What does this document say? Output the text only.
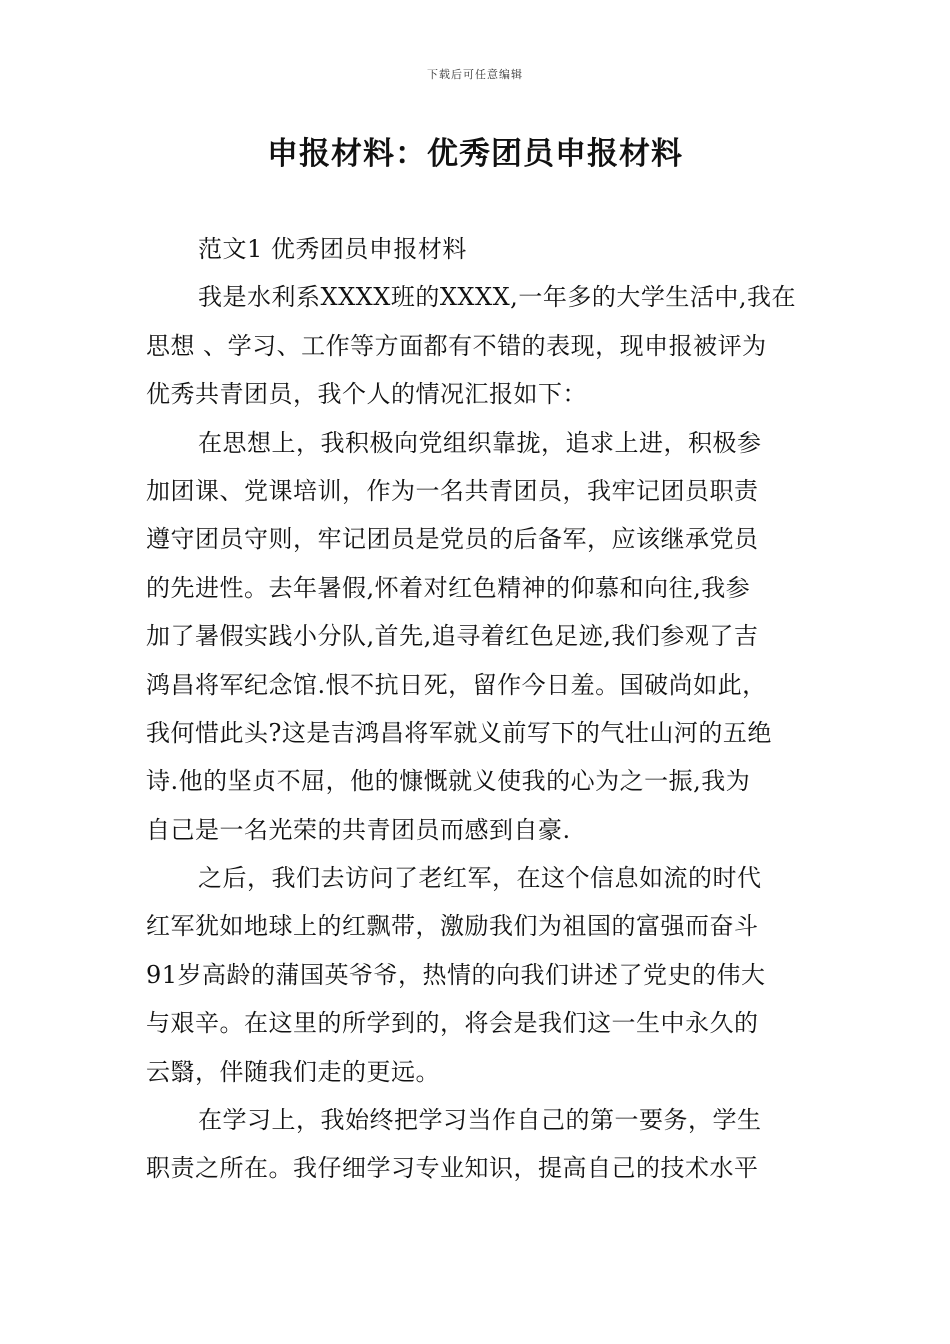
下载后可任意编辑
申报材料：优秀团员申报材料
范文1 优秀团员申报材料
我是水利系XXXX班的XXXX,一年多的大学生活中,我在
思想 、学习、工作等方面都有不错的表现，现申报被评为
优秀共青团员，我个人的情况汇报如下：
在思想上，我积极向党组织靠拢，追求上进，积极参
加团课、党课培训，作为一名共青团员，我牢记团员职责
遵守团员守则，牢记团员是党员的后备军，应该继承党员
的先进性。去年暑假,怀着对红色精神的仰慕和向往,我参
加了暑假实践小分队,首先,追寻着红色足迹,我们参观了吉
鸿昌将军纪念馆.恨不抗日死，留作今日羞。国破尚如此，
我何惜此头?这是吉鸿昌将军就义前写下的气壮山河的五绝
诗.他的坚贞不屈，他的慷慨就义使我的心为之一振,我为
自己是一名光荣的共青团员而感到自豪.
之后，我们去访问了老红军，在这个信息如流的时代
红军犹如地球上的红飘带，激励我们为祖国的富强而奋斗
91岁高龄的蒲国英爷爷，热情的向我们讲述了党史的伟大
与艰辛。在这里的所学到的，将会是我们这一生中永久的
云翳，伴随我们走的更远。
在学习上，我始终把学习当作自己的第一要务，学生
职责之所在。我仔细学习专业知识，提高自己的技术水平
